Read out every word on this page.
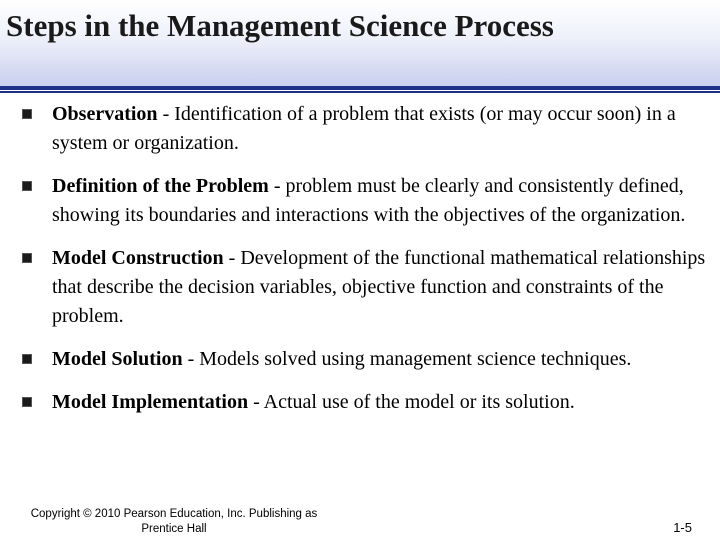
Steps in the Management Science Process
Observation - Identification of a problem that exists (or may occur soon) in a system or organization.
Definition of the Problem - problem must be clearly and consistently defined, showing its boundaries and interactions with the objectives of the organization.
Model Construction - Development of the functional mathematical relationships that describe the decision variables, objective function and constraints of the problem.
Model Solution - Models solved using management science techniques.
Model Implementation - Actual use of the model or its solution.
Copyright © 2010 Pearson Education, Inc. Publishing as
Prentice Hall	1-5
